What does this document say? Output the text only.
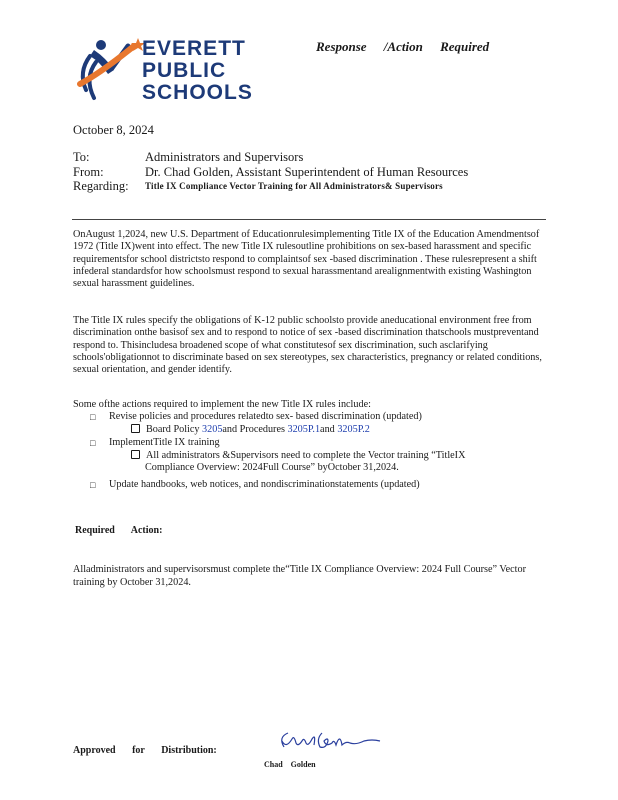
EVERETT
PUBLIC
SCHOOLS
Response /Action Required
October 8, 2024
To:	Administrators and Supervisors
From:	Dr. Chad Golden, Assistant Superintendent of Human Resources
Regarding: Title IX Compliance Vector Training for All Administrators& Supervisors
OnAugust 1,2024, new U.S. Department of Educationrulesimplementing Title IX of the Education Amendmentsof 1972 (Title IX)went into effect. The new Title IX rulesoutline prohibitions on sex-based harassment and specific requirementsfor school districtsto respond to complaintsof sex -based discrimination . These rulesrepresent a shift infederal standardsfor how schoolsmust respond to sexual harassmentand arealignmentwith existing Washington sexual harassment guidelines.
The Title IX rules specify the obligations of K-12 public schoolsto provide aneducational environment free from discrimination onthe basisof sex and to respond to notice of sex -based discrimination thatschools mustpreventand respond to. Thisincludesa broadened scope of what constitutesof sex discrimination, such asclarifying schools'obligationnot to discriminate based on sex stereotypes, sex characteristics, pregnancy or related conditions, sexual orientation, and gender identify.
Some ofthe actions required to implement the new Title IX rules include:
□ Revise policies and procedures relatedto sex- based discrimination (updated)
Board Policy 3205and Procedures 3205P.1and 3205P.2
□ ImplementTitle IX training
All administrators &Supervisors need to complete the Vector training “TitleIX Compliance Overview: 2024Full Course” byOctober 31,2024.
□ Update handbooks, web notices, and nondiscriminationstatements (updated)
Required Action:
Alladministrators and supervisorsmust complete the“Title IX Compliance Overview: 2024 Full Course” Vector training by October 31,2024.
Approved for Distribution:
Chad Golden
